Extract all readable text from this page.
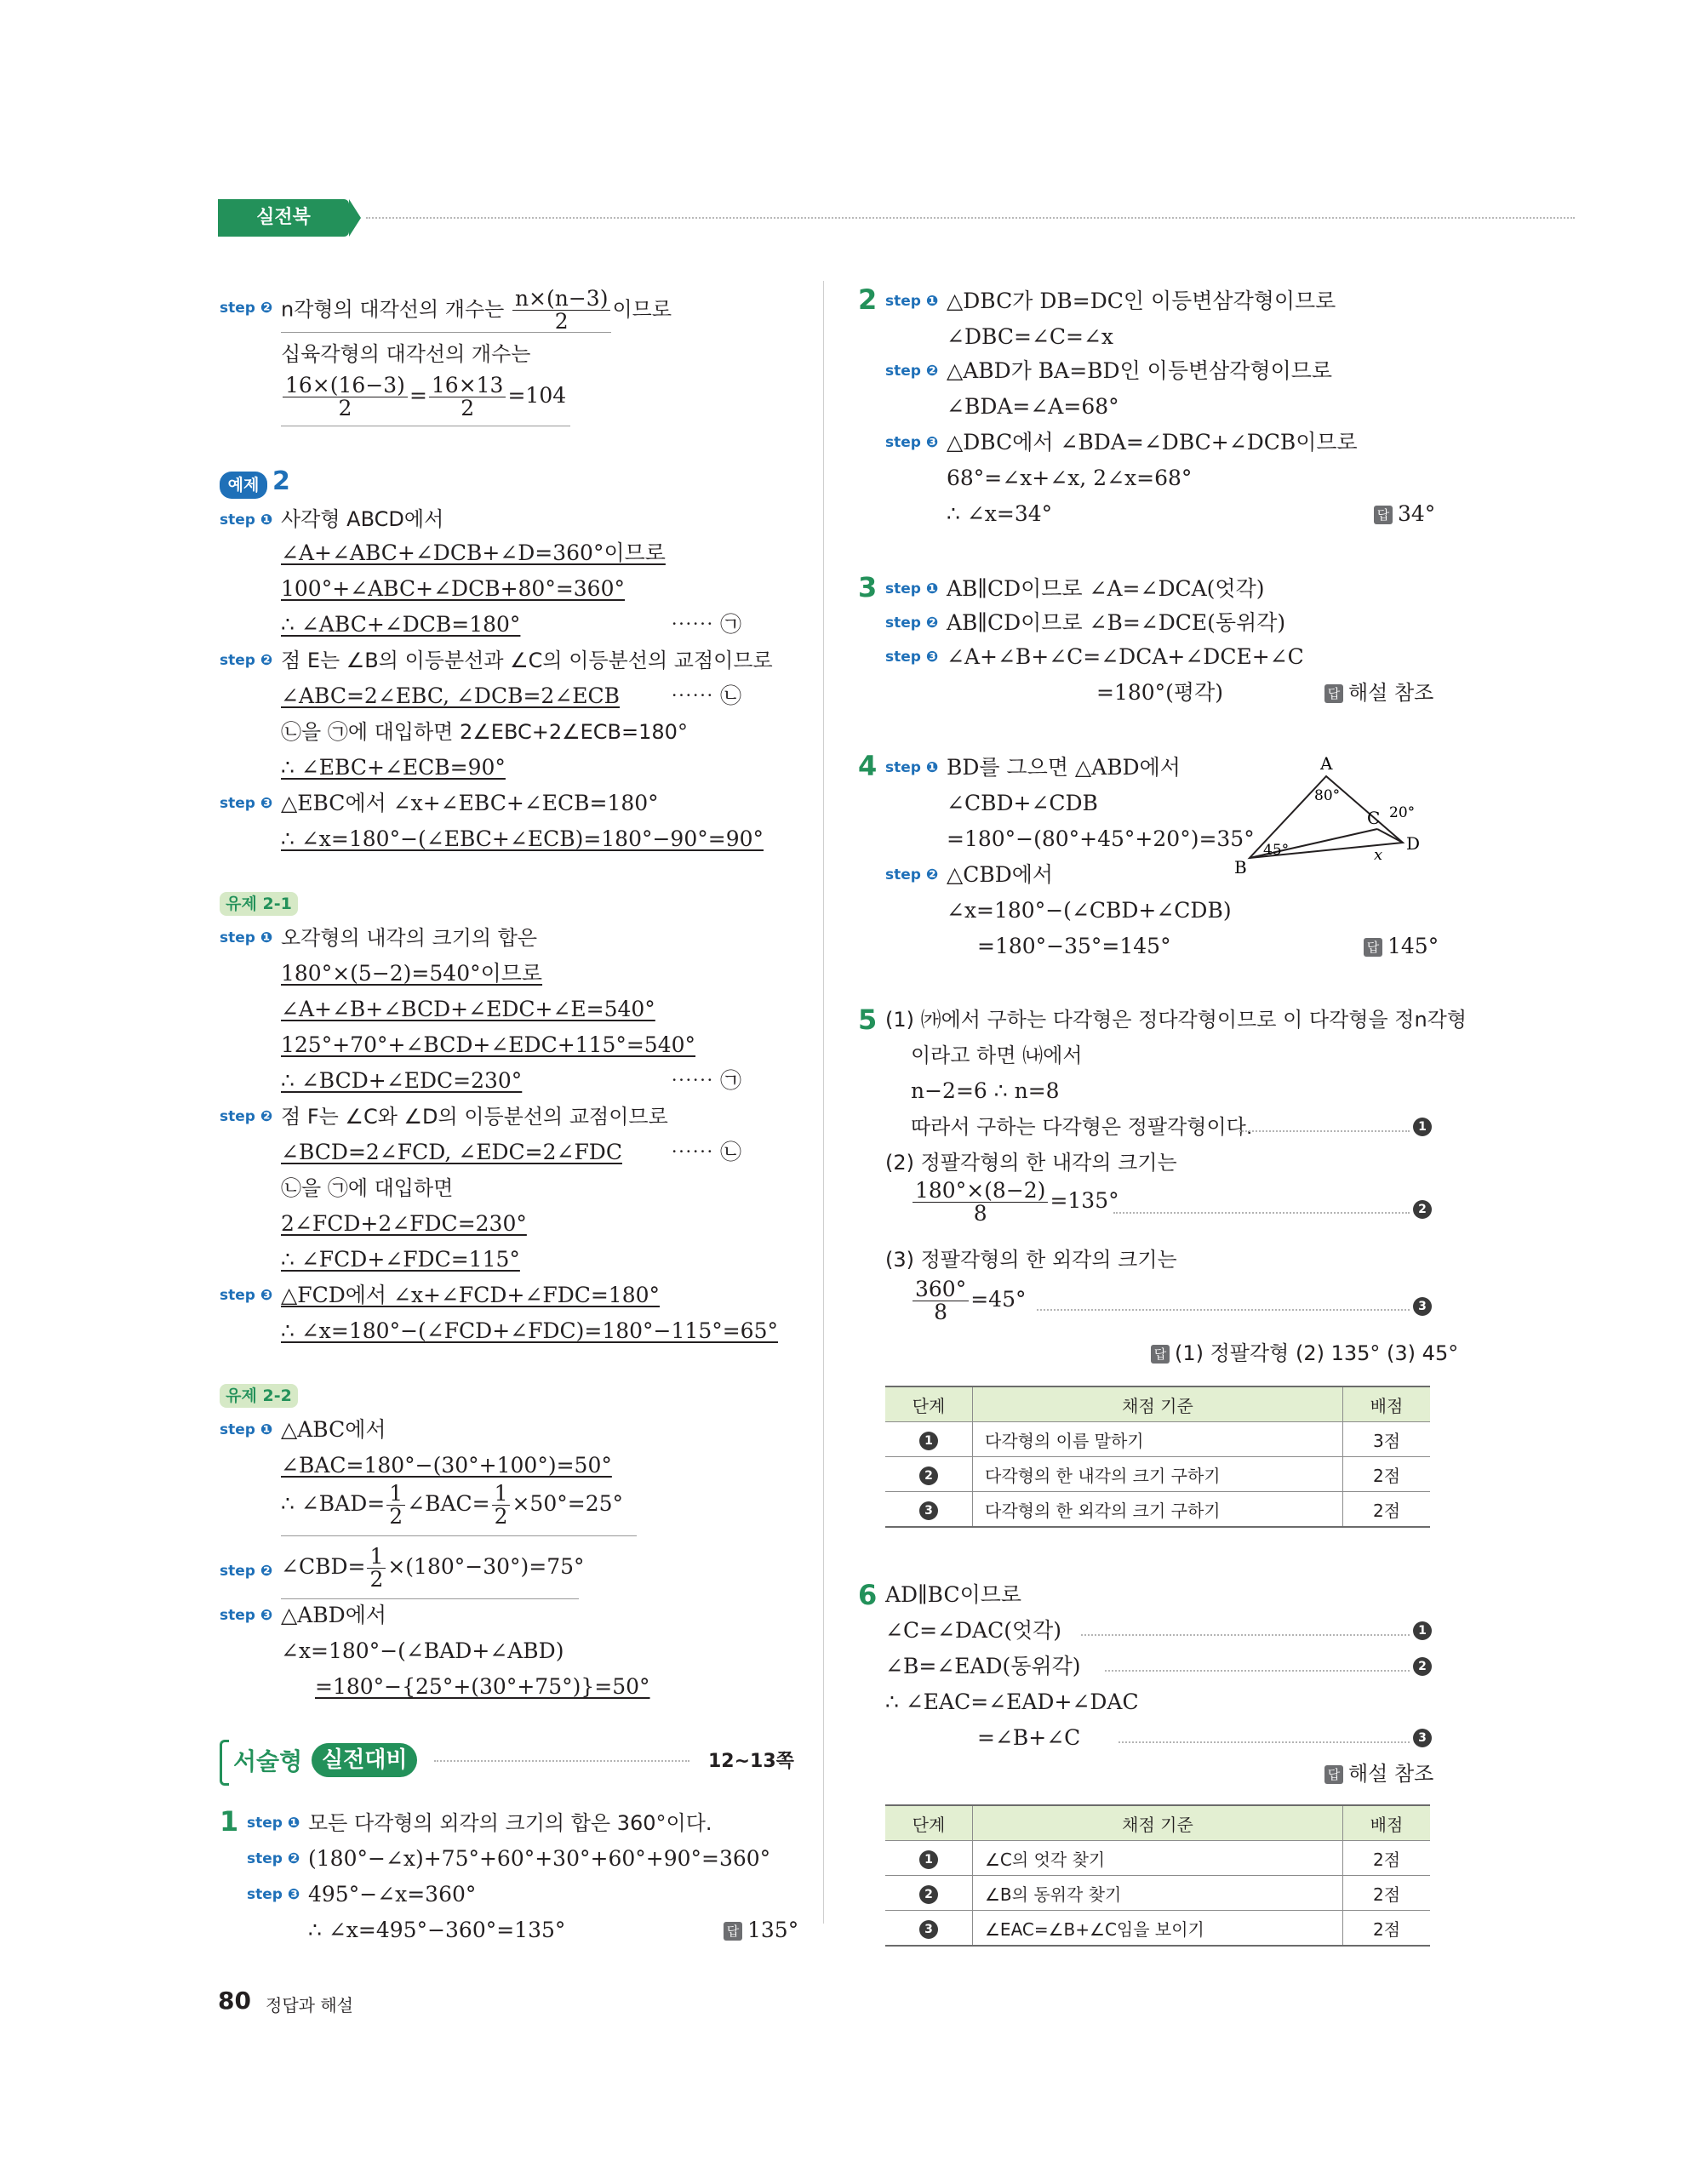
실전북
step ❷ n각형의 대각선의 개수는 $\frac{n\times(n-3)}{2}$ 이므로
십육각형의 대각선의 개수는
$\frac{16\times(16-3)}{2} = \frac{16\times 13}{2} =104$
예제 2
step ❶ 사각형 ABCD에서
∠A+∠ABC+∠DCB+∠D=360°이므로
100°+∠ABC+∠DCB+80°=360°
∴ ∠ABC+∠DCB=180°	⋯⋯ ㉠
step ❷ 점 E는 ∠B의 이등분선과 ∠C의 이등분선의 교점이므로
∠ABC=2∠EBC, ∠DCB=2∠ECB ⋯⋯ ㉡
㉡을 ㉠에 대입하면 2∠EBC+2∠ECB=180°
∴ ∠EBC+∠ECB=90°
step ❸ △EBC에서 ∠x+∠EBC+∠ECB=180°
∴ ∠x=180°−(∠EBC+∠ECB)=180°−90°=90°
유제 2-1
step ❶ 오각형의 내각의 크기의 합은
180°×(5−2)=540°이므로
∠A+∠B+∠BCD+∠EDC+∠E=540°
125°+70°+∠BCD+∠EDC+115°=540°
∴ ∠BCD+∠EDC=230°	⋯⋯ ㉠
step ❷ 점 F는 ∠C와 ∠D의 이등분선의 교점이므로
∠BCD=2∠FCD, ∠EDC=2∠FDC ⋯⋯ ㉡
㉡을 ㉠에 대입하면
2∠FCD+2∠FDC=230°
∴ ∠FCD+∠FDC=115°
step ❸ △FCD에서 ∠x+∠FCD+∠FDC=180°
∴ ∠x=180°−(∠FCD+∠FDC)=180°−115°=65°
유제 2-2
step ❶ △ABC에서
∠BAC=180°−(30°+100°)=50°
∴ ∠BAD= $\frac{1}{2}$ ∠BAC= $\frac{1}{2} \times 50^\circ=25^\circ$
step ❷ ∠CBD= $\frac{1}{2} \times(180^\circ-30^\circ)=75^\circ$
step ❸ △ABD에서
∠x=180°−(∠BAD+∠ABD)
=180°−{25°+(30°+75°)}=50°
서술형 실전대비	12~13쪽
1 step ❶ 모든 다각형의 외각의 크기의 합은 360°이다.
step ❷ (180°−∠x)+75°+60°+30°+60°+90°=360°
step ❸ 495°−∠x=360°
∴ ∠x=495°−360°=135°	답 135°
80 정답과 해설
2 step ❶ △DBC가 DB=DC인 이등변삼각형이므로
∠DBC=∠C=∠x
step ❷ △ABD가 BA=BD인 이등변삼각형이므로
∠BDA=∠A=68°
step ❸ △DBC에서 ∠BDA=∠DBC+∠DCB이므로
68°=∠x+∠x, 2∠x=68°
∴ ∠x=34°	답 34°
3 step ❶ AB∥CD이므로 ∠A=∠DCA(엇각)
step ❷ AB∥CD이므로 ∠B=∠DCE(동위각)
step ❸ ∠A+∠B+∠C=∠DCA+∠DCE+∠C
=180°(평각)	답 해설 참조
4 step ❶ BD를 그으면 △ABD에서
∠CBD+∠CDB
=180°−(80°+45°+20°)=35°
step ❷ △CBD에서
∠x=180°−(∠CBD+∠CDB)
=180°−35°=145°	답 145°
A
B
C
D
80°
45°
20°
x
5 (1) ㈎에서 구하는 다각형은 정다각형이므로 이 다각형을 정n각형
이라고 하면 ㈏에서
n−2=6 ∴ n=8
따라서 구하는 다각형은 정팔각형이다.	1
(2) 정팔각형의 한 내각의 크기는
$\frac{180^\circ\times(8-2)}{8} =135^\circ$	2
(3) 정팔각형의 한 외각의 크기는
$\frac{360^\circ}{8} =45^\circ$	3
답 (1) 정팔각형 (2) 135° (3) 45°
단계	채점 기준	배점
1	다각형의 이름 말하기	3점
2	다각형의 한 내각의 크기 구하기	2점
3	다각형의 한 외각의 크기 구하기	2점
6 AD∥BC이므로
∠C=∠DAC(엇각)	1
∠B=∠EAD(동위각)	2
∴ ∠EAC=∠EAD+∠DAC
=∠B+∠C	3
답 해설 참조
단계	채점 기준	배점
1	∠C의 엇각 찾기	2점
2	∠B의 동위각 찾기	2점
3	∠EAC=∠B+∠C임을 보이기	2점
